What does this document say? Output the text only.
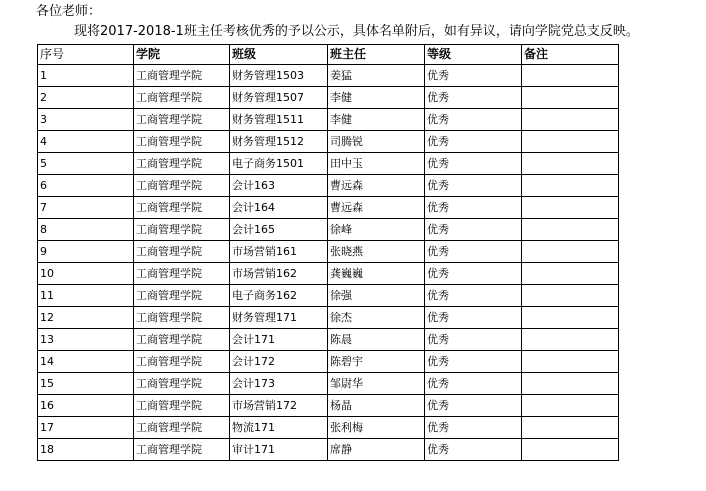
各位老师：
现将2017-2018-1班主任考核优秀的予以公示，具体名单附后，如有异议，请向学院党总支反映。
序号	学院	班级	班主任	等级	备注
1	工商管理学院	财务管理1503	姜猛	优秀	
2	工商管理学院	财务管理1507	李健	优秀	
3	工商管理学院	财务管理1511	李健	优秀	
4	工商管理学院	财务管理1512	司腾锐	优秀	
5	工商管理学院	电子商务1501	田中玉	优秀	
6	工商管理学院	会计163	曹远森	优秀	
7	工商管理学院	会计164	曹远森	优秀	
8	工商管理学院	会计165	徐峰	优秀	
9	工商管理学院	市场营销161	张晓燕	优秀	
10	工商管理学院	市场营销162	龚巍巍	优秀	
11	工商管理学院	电子商务162	徐强	优秀	
12	工商管理学院	财务管理171	徐杰	优秀	
13	工商管理学院	会计171	陈晨	优秀	
14	工商管理学院	会计172	陈碧宇	优秀	
15	工商管理学院	会计173	邹尉华	优秀	
16	工商管理学院	市场营销172	杨晶	优秀	
17	工商管理学院	物流171	张利梅	优秀	
18	工商管理学院	审计171	席静	优秀	
